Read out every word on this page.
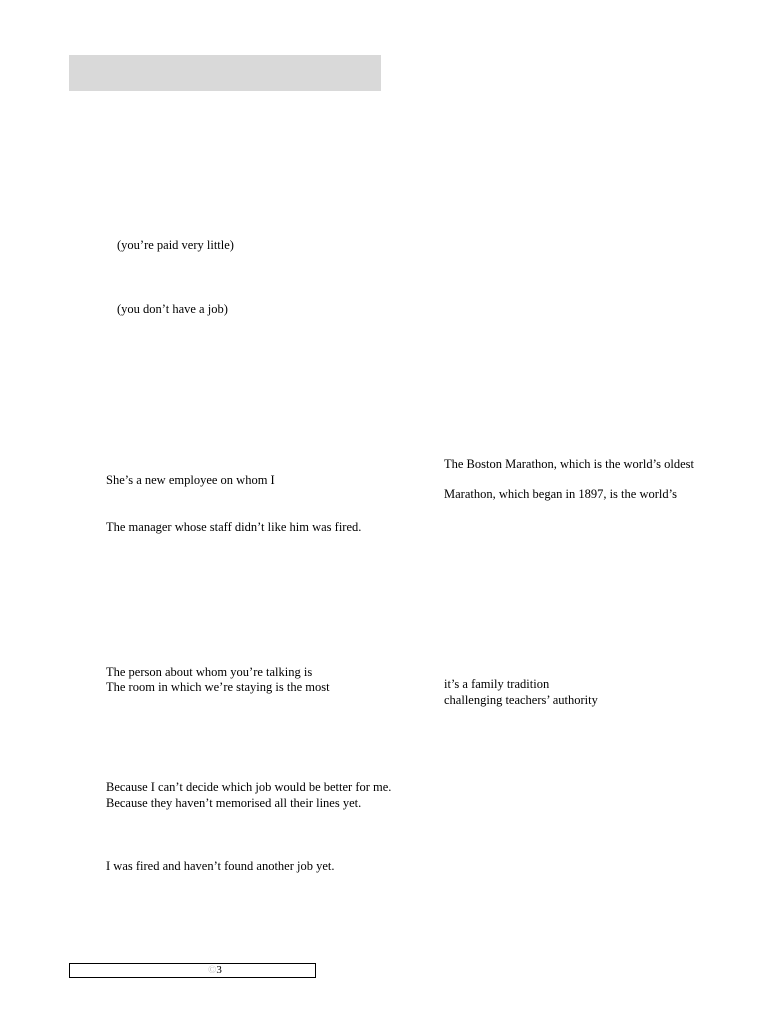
(you’re paid very little)
(you don’t have a job)
The Boston Marathon, which is the world’s oldest
She’s a new employee on whom I
Marathon, which began in 1897, is the world’s
The manager whose staff didn’t like him was fired.
The person about whom you’re talking is
it’s a family tradition
The room in which we’re staying is the most
challenging teachers’ authority
Because I can’t decide which job would be better for me.
Because they haven’t memorised all their lines yet.
I was fired and haven’t found another job yet.
©3
